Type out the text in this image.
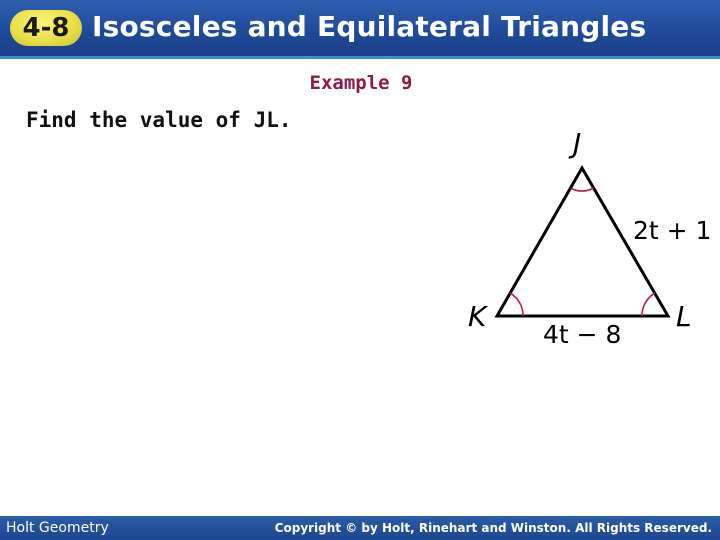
4-8 Isosceles and Equilateral Triangles
Example 9
Find the value of JL.
J
K	L
2t + 1
4t − 8
Holt Geometry	Copyright © by Holt, Rinehart and Winston. All Rights Reserved.
